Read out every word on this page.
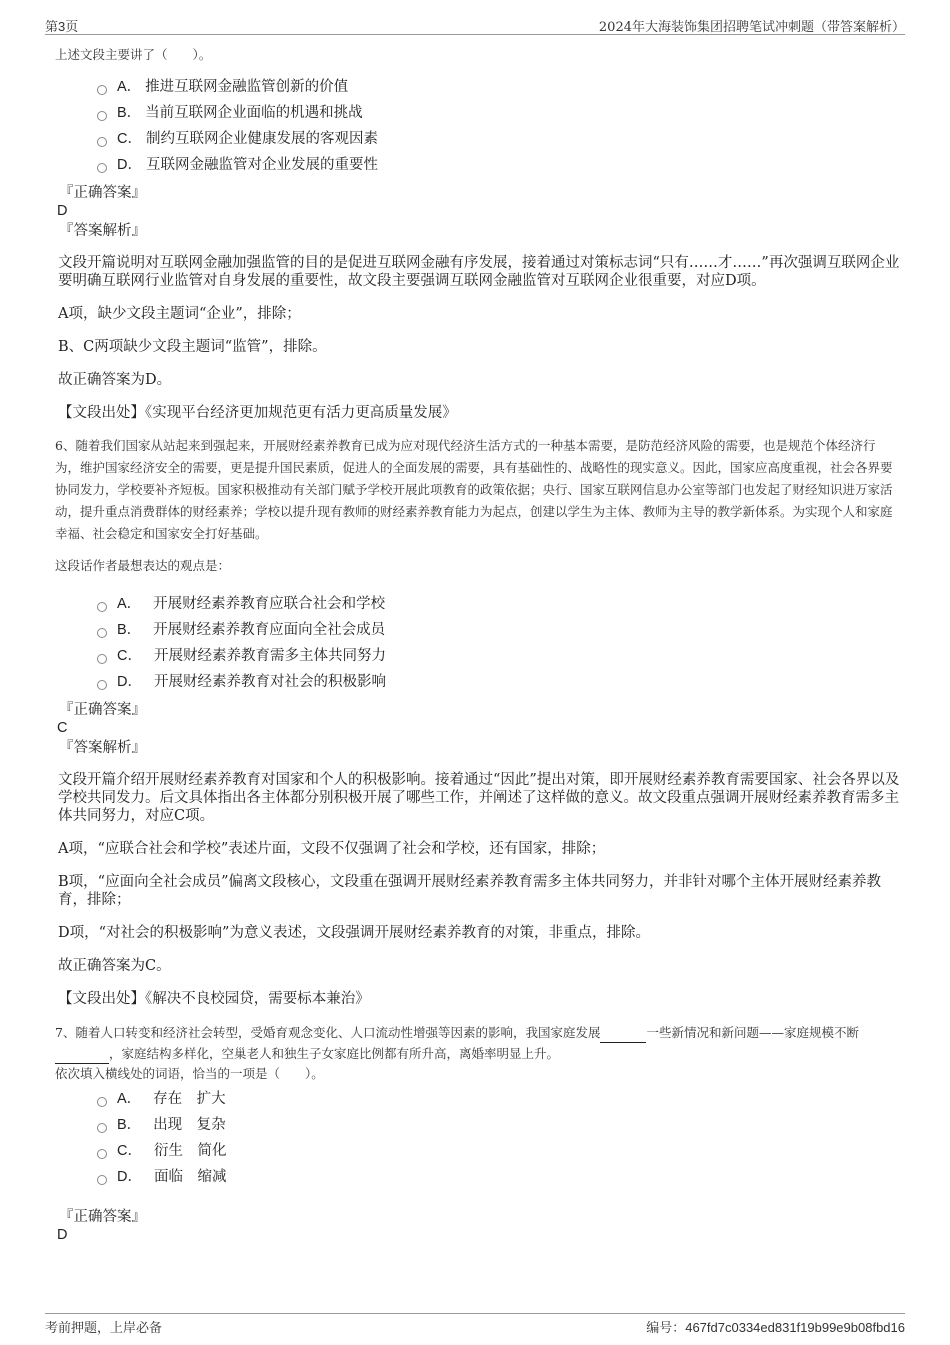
第3页	2024年大海装饰集团招聘笔试冲刺题（带答案解析）

上述文段主要讲了（　　）。

A． 推进互联网金融监管创新的价值
B． 当前互联网企业面临的机遇和挑战
C． 制约互联网企业健康发展的客观因素
D． 互联网金融监管对企业发展的重要性
『正确答案』
D
『答案解析』

文段开篇说明对互联网金融加强监管的目的是促进互联网金融有序发展，接着通过对策标志词“只有……才……”再次强调互联网企业要明确互联网行业监管对自身发展的重要性，故文段主要强调互联网金融监管对互联网企业很重要，对应D项。

A项，缺少文段主题词“企业”，排除；

B、C两项缺少文段主题词“监管”，排除。

故正确答案为D。

【文段出处】《实现平台经济更加规范更有活力更高质量发展》

6、随着我们国家从站起来到强起来，开展财经素养教育已成为应对现代经济生活方式的一种基本需要，是防范经济风险的需要，也是规范个体经济行为，维护国家经济安全的需要，更是提升国民素质，促进人的全面发展的需要，具有基础性的、战略性的现实意义。因此，国家应高度重视，社会各界要协同发力，学校要补齐短板。国家积极推动有关部门赋予学校开展此项教育的政策依据；央行、国家互联网信息办公室等部门也发起了财经知识进万家活动，提升重点消费群体的财经素养；学校以提升现有教师的财经素养教育能力为起点，创建以学生为主体、教师为主导的教学新体系。为实现个人和家庭幸福、社会稳定和国家安全打好基础。

这段话作者最想表达的观点是：

A． 开展财经素养教育应联合社会和学校
B． 开展财经素养教育应面向全社会成员
C． 开展财经素养教育需多主体共同努力
D． 开展财经素养教育对社会的积极影响
『正确答案』
C
『答案解析』

文段开篇介绍开展财经素养教育对国家和个人的积极影响。接着通过“因此”提出对策，即开展财经素养教育需要国家、社会各界以及学校共同发力。后文具体指出各主体都分别积极开展了哪些工作，并阐述了这样做的意义。故文段重点强调开展财经素养教育需多主体共同努力，对应C项。

A项，“应联合社会和学校”表述片面，文段不仅强调了社会和学校，还有国家，排除；

B项，“应面向全社会成员”偏离文段核心，文段重在强调开展财经素养教育需多主体共同努力，并非针对哪个主体开展财经素养教育，排除；

D项，“对社会的积极影响”为意义表述，文段强调开展财经素养教育的对策，非重点，排除。

故正确答案为C。

【文段出处】《解决不良校园贷，需要标本兼治》

7、随着人口转变和经济社会转型，受婚育观念变化、人口流动性增强等因素的影响，我国家庭发展	一些新情况和新问题——家庭规模不断，家庭结构多样化，空巢老人和独生子女家庭比例都有所升高，离婚率明显上升。

依次填入横线处的词语，恰当的一项是（　　）。

A． 存在　扩大
B． 出现　复杂
C． 衍生　简化
D． 面临　缩减
『正确答案』
D
考前押题，上岸必备	编号：467fd7c0334ed831f19b99e9b08fbd16
